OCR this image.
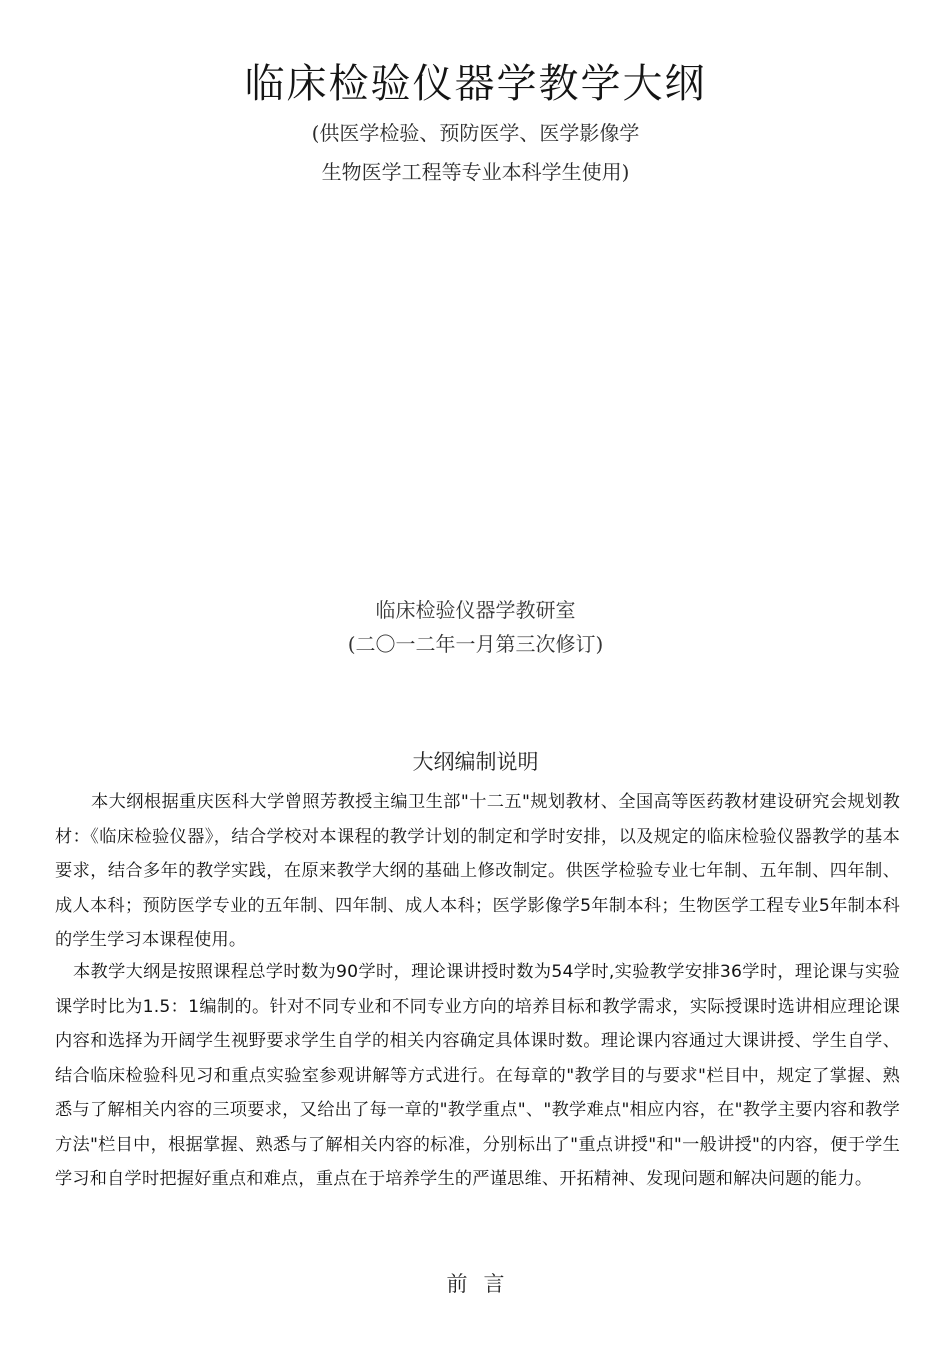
临床检验仪器学教学大纲
(供医学检验、预防医学、医学影像学
生物医学工程等专业本科学生使用)
临床检验仪器学教研室
(二〇一二年一月第三次修订)
大纲编制说明

本大纲根据重庆医科大学曾照芳教授主编卫生部"十二五"规划教材、全国高等医药教材建设研究会规划教材：《临床检验仪器》，结合学校对本课程的教学计划的制定和学时安排，以及规定的临床检验仪器教学的基本要求，结合多年的教学实践，在原来教学大纲的基础上修改制定。供医学检验专业七年制、五年制、四年制、成人本科；预防医学专业的五年制、四年制、成人本科；医学影像学5年制本科；生物医学工程专业5年制本科的学生学习本课程使用。

本教学大纲是按照课程总学时数为90学时，理论课讲授时数为54学时,实验教学安排36学时，理论课与实验课学时比为1.5：1编制的。针对不同专业和不同专业方向的培养目标和教学需求，实际授课时选讲相应理论课内容和选择为开阔学生视野要求学生自学的相关内容确定具体课时数。理论课内容通过大课讲授、学生自学、结合临床检验科见习和重点实验室参观讲解等方式进行。在每章的"教学目的与要求"栏目中，规定了掌握、熟悉与了解相关内容的三项要求，又给出了每一章的"教学重点"、"教学难点"相应内容，在"教学主要内容和教学方法"栏目中，根据掌握、熟悉与了解相关内容的标准，分别标出了"重点讲授"和"一般讲授"的内容，便于学生学习和自学时把握好重点和难点，重点在于培养学生的严谨思维、开拓精神、发现问题和解决问题的能力。

前言
